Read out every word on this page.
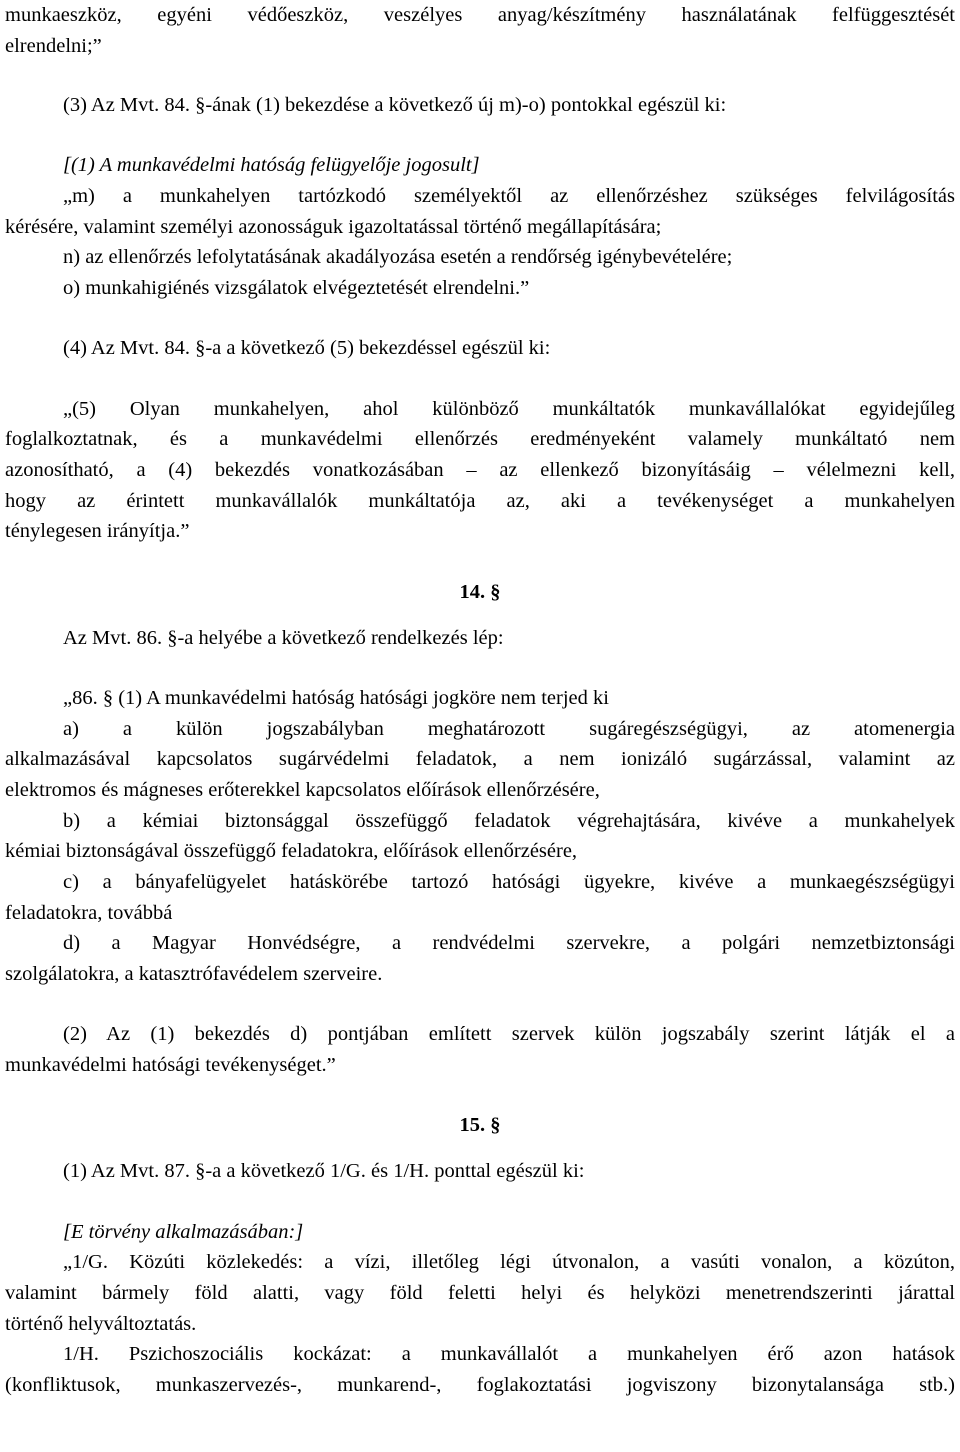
munkaeszköz, egyéni védőeszköz, veszélyes anyag/készítmény használatának felfüggesztését
elrendelni;”
(3) Az Mvt. 84. §-ának (1) bekezdése a következő új m)-o) pontokkal egészül ki:
[(1) A munkavédelmi hatóság felügyelője jogosult]
„m) a munkahelyen tartózkodó személyektől az ellenőrzéshez szükséges felvilágosítás
kérésére, valamint személyi azonosságuk igazoltatással történő megállapítására;
n) az ellenőrzés lefolytatásának akadályozása esetén a rendőrség igénybevételére;
o) munkahigiénés vizsgálatok elvégeztetését elrendelni.”
(4) Az Mvt. 84. §-a a következő (5) bekezdéssel egészül ki:
„(5) Olyan munkahelyen, ahol különböző munkáltatók munkavállalókat egyidejűleg
foglalkoztatnak, és a munkavédelmi ellenőrzés eredményeként valamely munkáltató nem
azonosítható, a (4) bekezdés vonatkozásában – az ellenkező bizonyításáig – vélelmezni kell,
hogy az érintett munkavállalók munkáltatója az, aki a tevékenységet a munkahelyen
ténylegesen irányítja.”
14. §
Az Mvt. 86. §-a helyébe a következő rendelkezés lép:
„86. § (1) A munkavédelmi hatóság hatósági jogköre nem terjed ki
a) a külön jogszabályban meghatározott sugáregészségügyi, az atomenergia
alkalmazásával kapcsolatos sugárvédelmi feladatok, a nem ionizáló sugárzással, valamint az
elektromos és mágneses erőterekkel kapcsolatos előírások ellenőrzésére,
b) a kémiai biztonsággal összefüggő feladatok végrehajtására, kivéve a munkahelyek
kémiai biztonságával összefüggő feladatokra, előírások ellenőrzésére,
c) a bányafelügyelet hatáskörébe tartozó hatósági ügyekre, kivéve a munkaegészségügyi
feladatokra, továbbá
d) a Magyar Honvédségre, a rendvédelmi szervekre, a polgári nemzetbiztonsági
szolgálatokra, a katasztrófavédelem szerveire.
(2) Az (1) bekezdés d) pontjában említett szervek külön jogszabály szerint látják el a
munkavédelmi hatósági tevékenységet.”
15. §
(1) Az Mvt. 87. §-a a következő 1/G. és 1/H. ponttal egészül ki:
[E törvény alkalmazásában:]
„1/G. Közúti közlekedés: a vízi, illetőleg légi útvonalon, a vasúti vonalon, a közúton,
valamint bármely föld alatti, vagy föld feletti helyi és helyközi menetrendszerinti járattal
történő helyváltoztatás.
1/H. Pszichoszociális kockázat: a munkavállalót a munkahelyen érő azon hatások
(konfliktusok, munkaszervezés-, munkarend-, foglakoztatási jogviszony bizonytalansága stb.)
